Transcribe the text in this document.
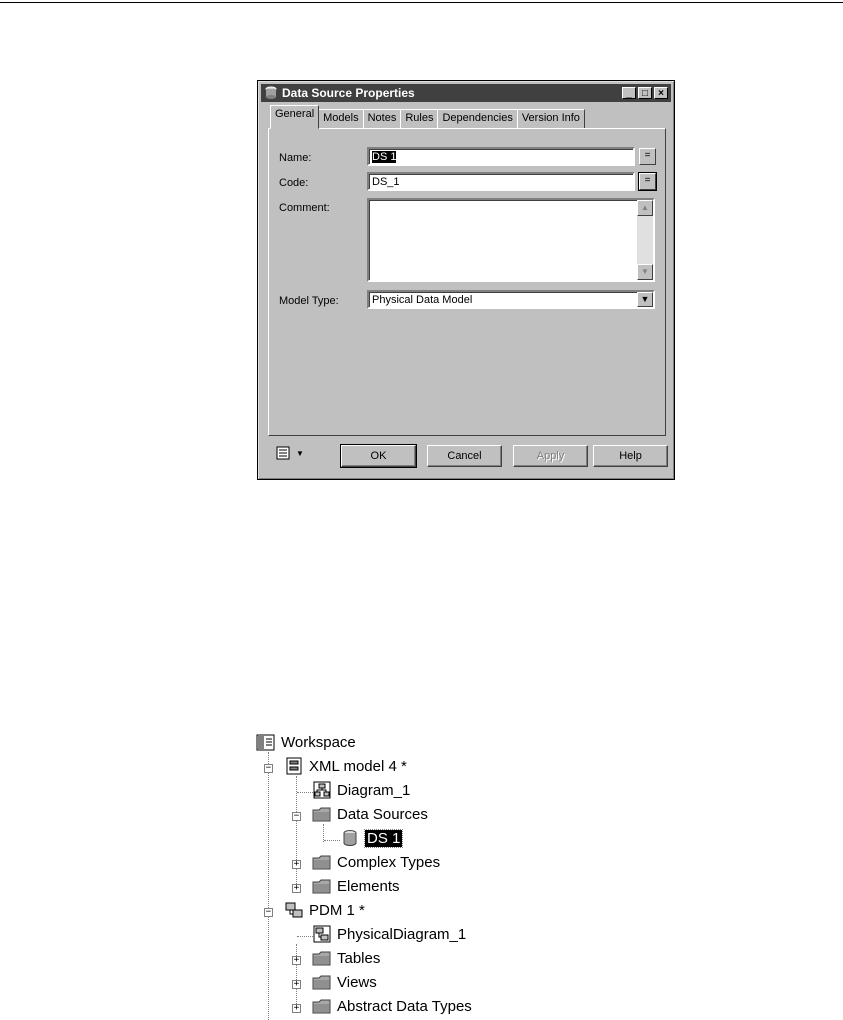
Data Source Properties	_	□	×
General Models Notes Rules Dependencies Version Info
Name:	DS 1	=
Code:	DS_1	=
Comment:	▲
▼
Model Type:	Physical Data Model	▼
▼	OK	Cancel	Apply	Help
−
−
+
+
−
+
+
+
Workspace
XML model 4 *
Diagram_1
Data Sources
DS 1
Complex Types
Elements
PDM 1 *
PhysicalDiagram_1
Tables
Views
Abstract Data Types
